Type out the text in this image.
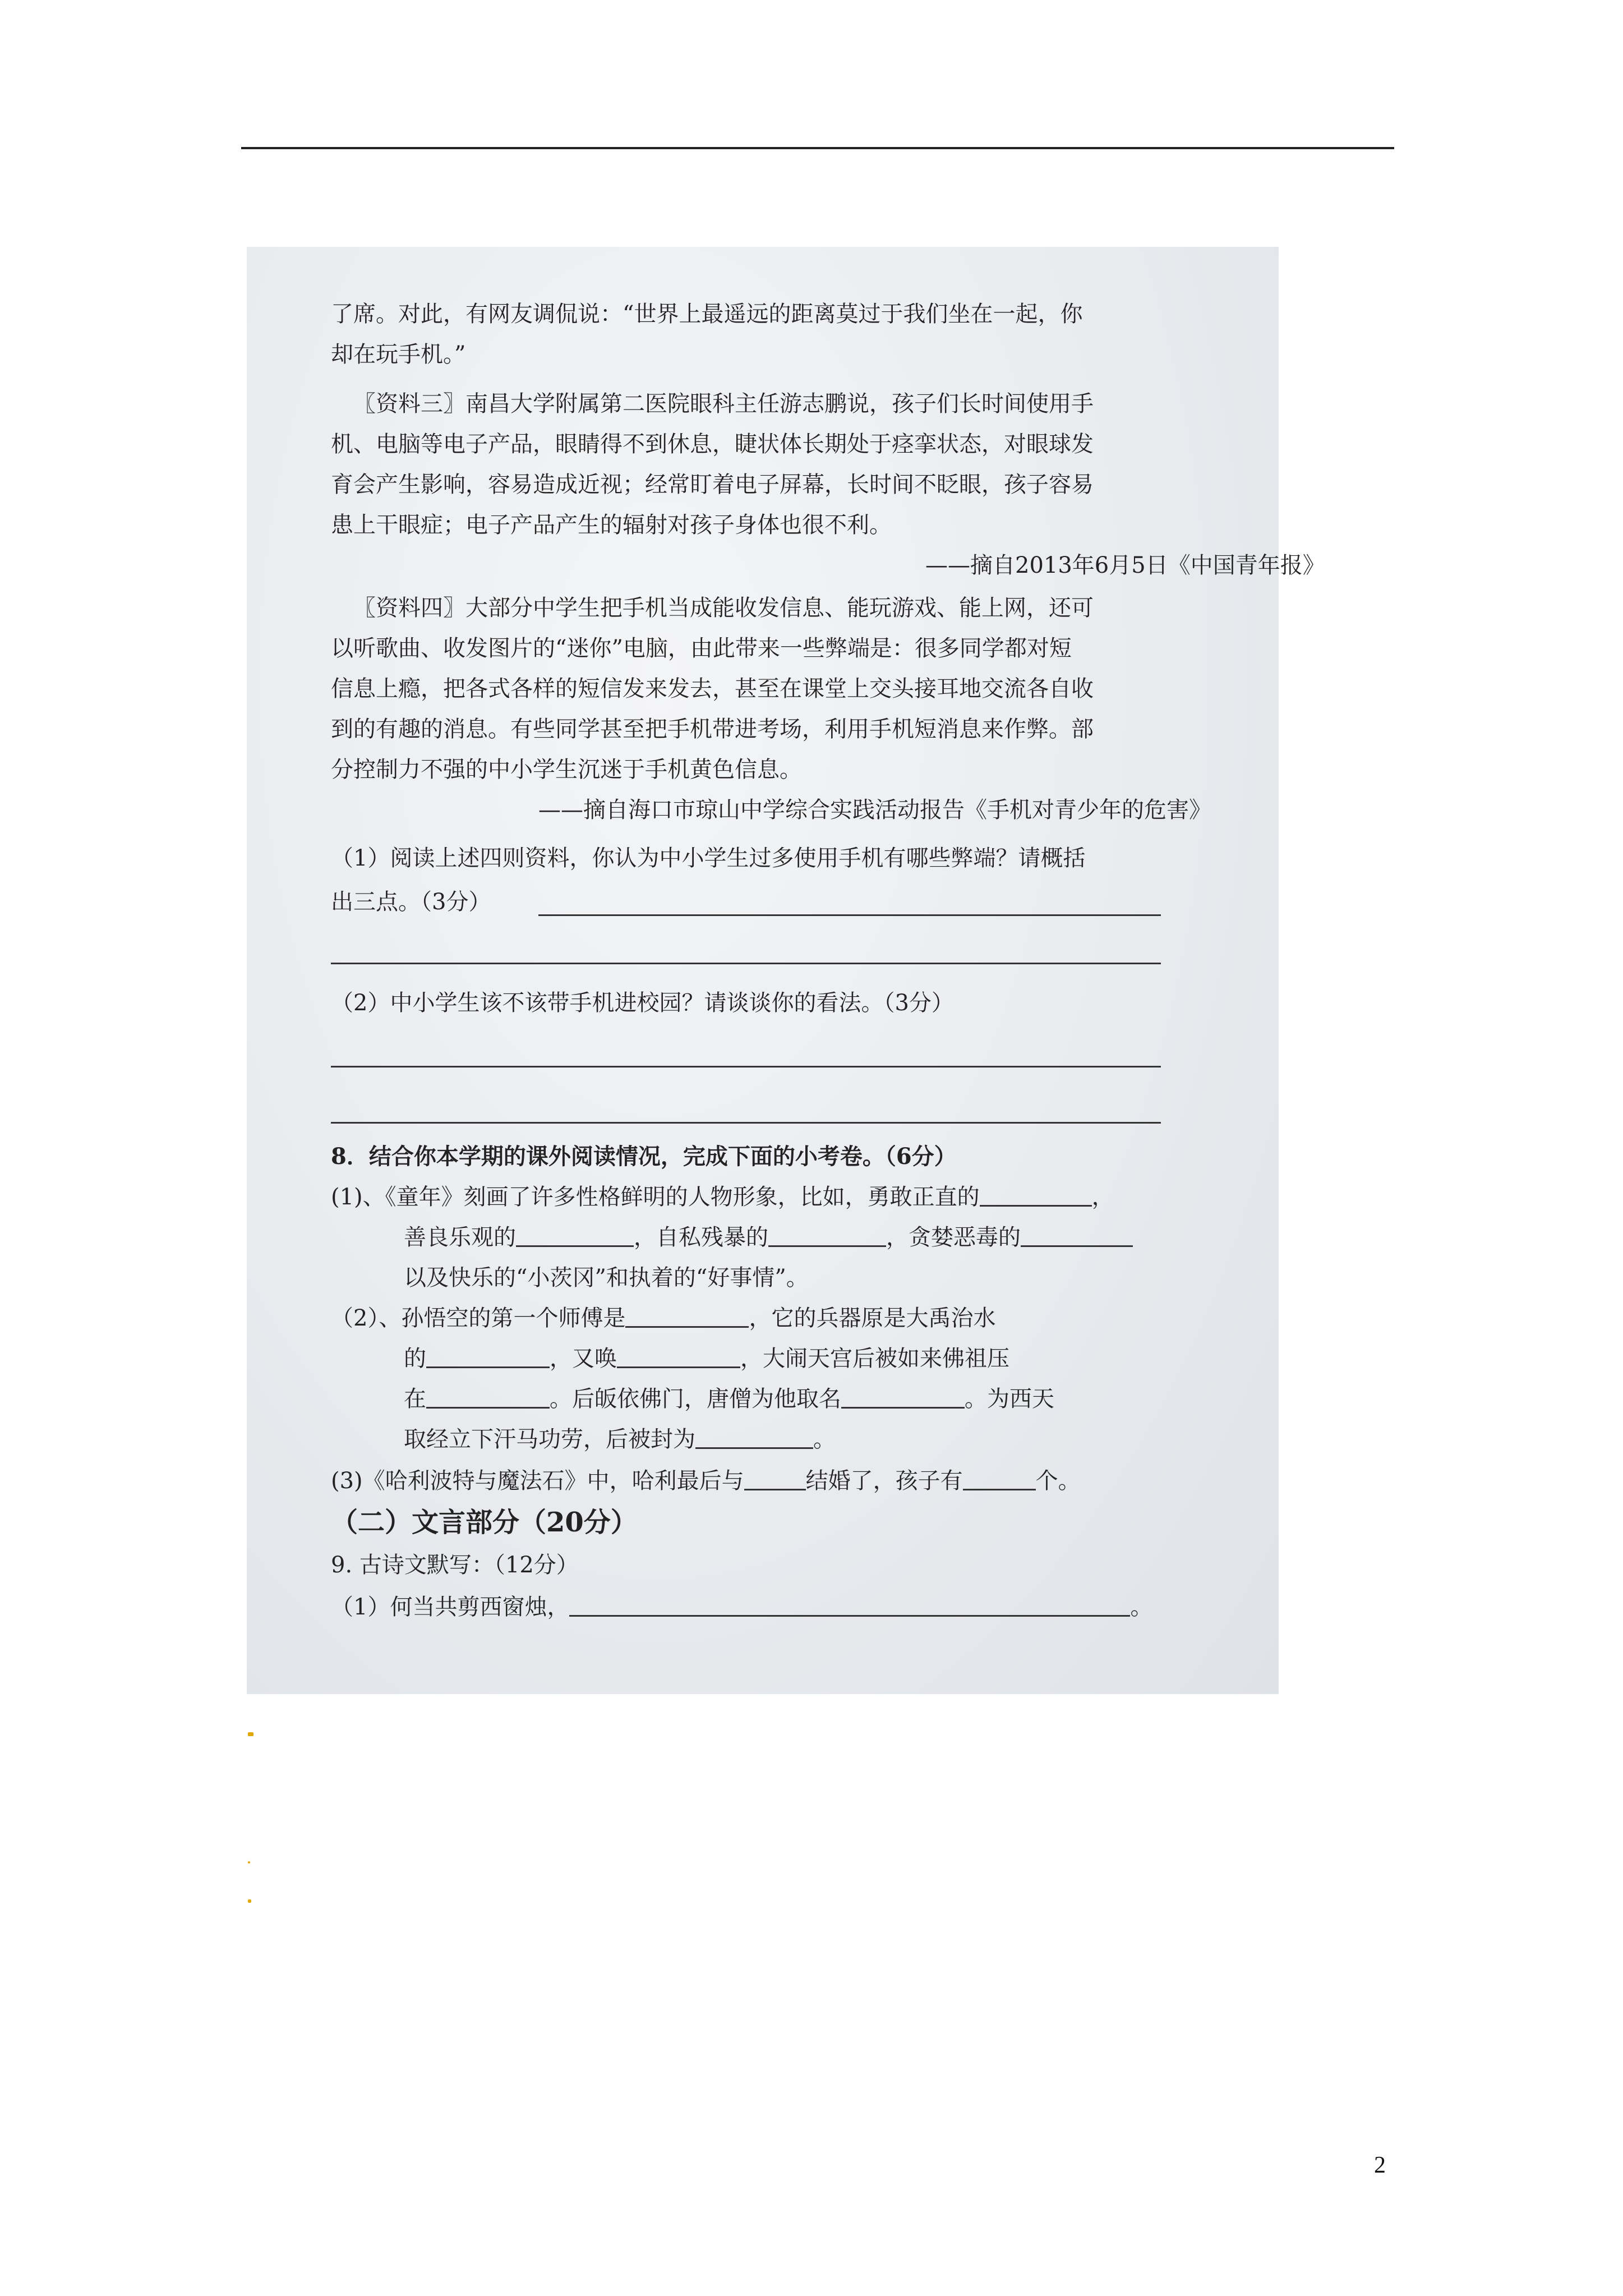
了席。对此，有网友调侃说：“世界上最遥远的距离莫过于我们坐在一起，你
却在玩手机。”
〖资料三〗南昌大学附属第二医院眼科主任游志鹏说，孩子们长时间使用手
机、电脑等电子产品，眼睛得不到休息，睫状体长期处于痉挛状态，对眼球发
育会产生影响，容易造成近视；经常盯着电子屏幕，长时间不眨眼，孩子容易
患上干眼症；电子产品产生的辐射对孩子身体也很不利。
——摘自2013年6月5日《中国青年报》
〖资料四〗大部分中学生把手机当成能收发信息、能玩游戏、能上网，还可
以听歌曲、收发图片的“迷你”电脑，由此带来一些弊端是：很多同学都对短
信息上瘾，把各式各样的短信发来发去，甚至在课堂上交头接耳地交流各自收
到的有趣的消息。有些同学甚至把手机带进考场，利用手机短消息来作弊。部
分控制力不强的中小学生沉迷于手机黄色信息。
——摘自海口市琼山中学综合实践活动报告《手机对青少年的危害》
（1）阅读上述四则资料，你认为中小学生过多使用手机有哪些弊端？请概括
出三点。（3分）
（2）中小学生该不该带手机进校园？请谈谈你的看法。（3分）
8．结合你本学期的课外阅读情况，完成下面的小考卷。（6分）
(1)、《童年》刻画了许多性格鲜明的人物形象，比如，勇敢正直的	，
善良乐观的	，自私残暴的	，贪婪恶毒的
以及快乐的“小茨冈”和执着的“好事情”。
（2）、孙悟空的第一个师傅是	，它的兵器原是大禹治水
的	，又唤	，大闹天宫后被如来佛祖压
在	。后皈依佛门，唐僧为他取名	。为西天
取经立下汗马功劳，后被封为	。
(3)《哈利波特与魔法石》中，哈利最后与	结婚了，孩子有	个。
（二）文言部分（20分）
9. 古诗文默写：（12分）
（1）何当共剪西窗烛，	。
2
